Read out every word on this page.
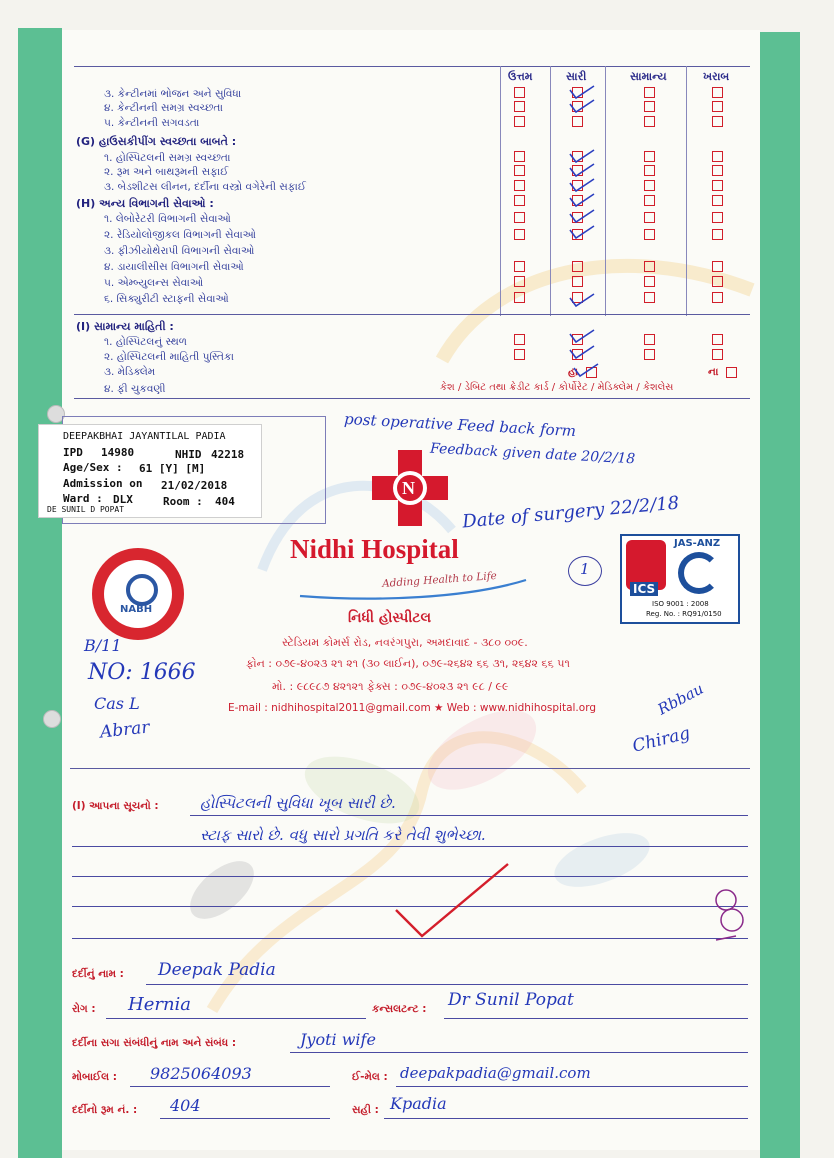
ઉત્તમ	સારી	સામાન્ય	ખરાબ
૩. કેન્ટીનમાં ભોજન અને સુવિધા
૪. કેન્ટીનની સમગ્ર સ્વચ્છતા
૫. કેન્ટીનની સગવડતા
(G) હાઉસકીપીંગ સ્વચ્છતા બાબતે :
૧. હોસ્પિટલની સમગ્ર સ્વચ્છતા
૨. રૂમ અને બાથરૂમની સફાઈ
૩. બેડશીટસ લીનન, દર્દીના વસ્ત્રો વગેરેની સફાઈ
(H) અન્ય વિભાગની સેવાઓ :
૧. લેબોરેટરી વિભાગની સેવાઓ
૨. રેડિયોલોજીકલ વિભાગની સેવાઓ
૩. ફીઝીયોથેરાપી વિભાગની સેવાઓ
૪. ડાયાલીસીસ વિભાગની સેવાઓ
૫. એમ્બ્યુલન્સ સેવાઓ
૬. સિક્યુરીટી સ્ટાફની સેવાઓ
(I) સામાન્ય માહિતી :
૧. હોસ્પિટલનું સ્થળ
૨. હોસ્પિટલની માહિતી પુસ્તિકા
૩. મેડિક્લેમ
૪. ફી ચુકવણી
હા	ના
કેશ / ડેબિટ તથા ક્રેડીટ કાર્ડ / કોર્પોરેટ / મેડિક્લેમ / કેશલેસ
DEEPAKBHAI JAYANTILAL PADIA
IPD 14980	NHID 42218
Age/Sex : 61 [Y] [M]
Admission on 21/02/2018
Ward : DLX	Room : 404
DE SUNIL D POPAT
post operative Feed back form
Feedback given date 20/2/18
Date of surgery 22/2/18
1
B/11
NO: 1666
Cas L
Abrar
Rbbau
Chirag
N
Nidhi Hospital
Adding Health to Life
નિધી હોસ્પીટલ
સ્ટેડિયમ કોમર્સ રોડ, નવરંગપુરા, અમદાવાદ - ૩૮૦ ૦૦૯.
ફોન : ૦૭૯-૪૦૨૩ ૨૧ ૨૧ (૩૦ લાઈન), ૦૭૯-૨૬૪૨ ૬૬ ૩૧, ૨૬૪૨ ૬૬ ૫૧
મો. : ૯૮૯૮૭ ૪૨૧૨૧ ફેક્સ : ૦૭૯-૪૦૨૩ ૨૧ ૯૮ / ૯૯
E-mail : nidhihospital2011@gmail.com ★ Web : www.nidhihospital.org
NABH
JAS-ANZ
ICS
ISO 9001 : 2008
Reg. No. : RQ91/0150
(I) આપના સૂચનો :	હોસ્પિટલની સુવિધા ખૂબ સારી છે.
સ્ટાફ સારો છે. વધુ સારો પ્રગતિ કરે તેવી શુભેચ્છા.
દર્દીનું નામ : Deepak Padia
રોગ : Hernia	કન્સલટન્ટ : Dr Sunil Popat
દર્દીના સગા સંબંધીનું નામ અને સંબંધ :	Jyoti wife
મોબાઈલ : 9825064093	ઈ-મેલ : deepakpadia@gmail.com
દર્દીનો રૂમ નં. : 404	સહી : Kpadia
